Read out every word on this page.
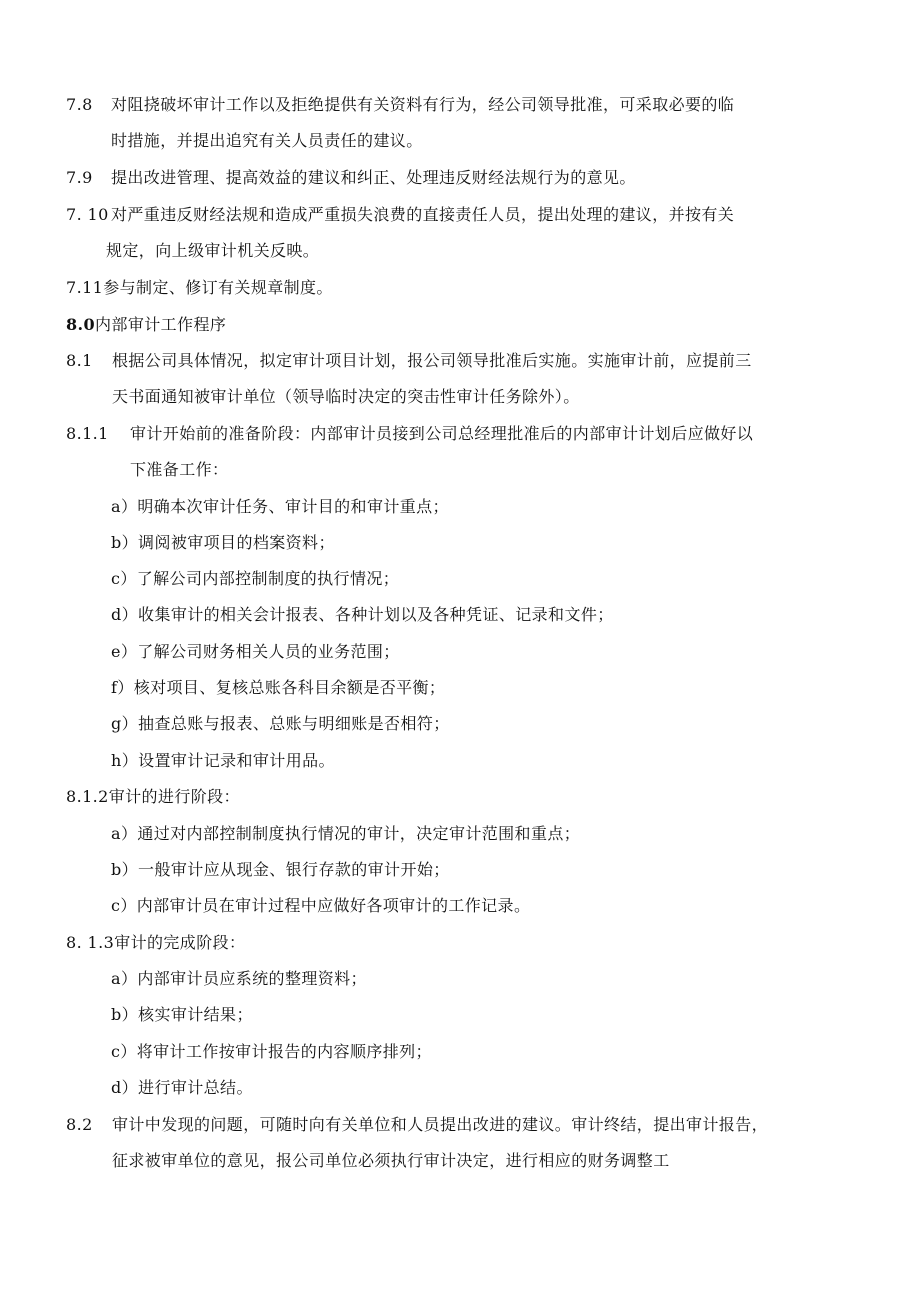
7.8 对阻挠破坏审计工作以及拒绝提供有关资料有行为，经公司领导批准，可采取必要的临
时措施，并提出追究有关人员责任的建议。
7.9 提出改进管理、提高效益的建议和纠正、处理违反财经法规行为的意见。
7. 10 对严重违反财经法规和造成严重损失浪费的直接责任人员，提出处理的建议，并按有关
规定，向上级审计机关反映。
7.11参与制定、修订有关规章制度。
8.0内部审计工作程序
8.1 根据公司具体情况，拟定审计项目计划，报公司领导批准后实施。实施审计前，应提前三
天书面通知被审计单位（领导临时决定的突击性审计任务除外）。
8.1.1 审计开始前的准备阶段：内部审计员接到公司总经理批准后的内部审计计划后应做好以
下准备工作：
a）明确本次审计任务、审计目的和审计重点；
b）调阅被审项目的档案资料；
c）了解公司内部控制制度的执行情况；
d）收集审计的相关会计报表、各种计划以及各种凭证、记录和文件；
e）了解公司财务相关人员的业务范围；
f）核对项目、复核总账各科目余额是否平衡；
g）抽查总账与报表、总账与明细账是否相符；
h）设置审计记录和审计用品。
8.1.2审计的进行阶段：
a）通过对内部控制制度执行情况的审计，决定审计范围和重点；
b）一般审计应从现金、银行存款的审计开始；
c）内部审计员在审计过程中应做好各项审计的工作记录。
8. 1.3审计的完成阶段：
a）内部审计员应系统的整理资料；
b）核实审计结果；
c）将审计工作按审计报告的内容顺序排列；
d）进行审计总结。
8.2 审计中发现的问题，可随时向有关单位和人员提出改进的建议。审计终结，提出审计报告，
征求被审单位的意见，报公司单位必须执行审计决定，进行相应的财务调整工
